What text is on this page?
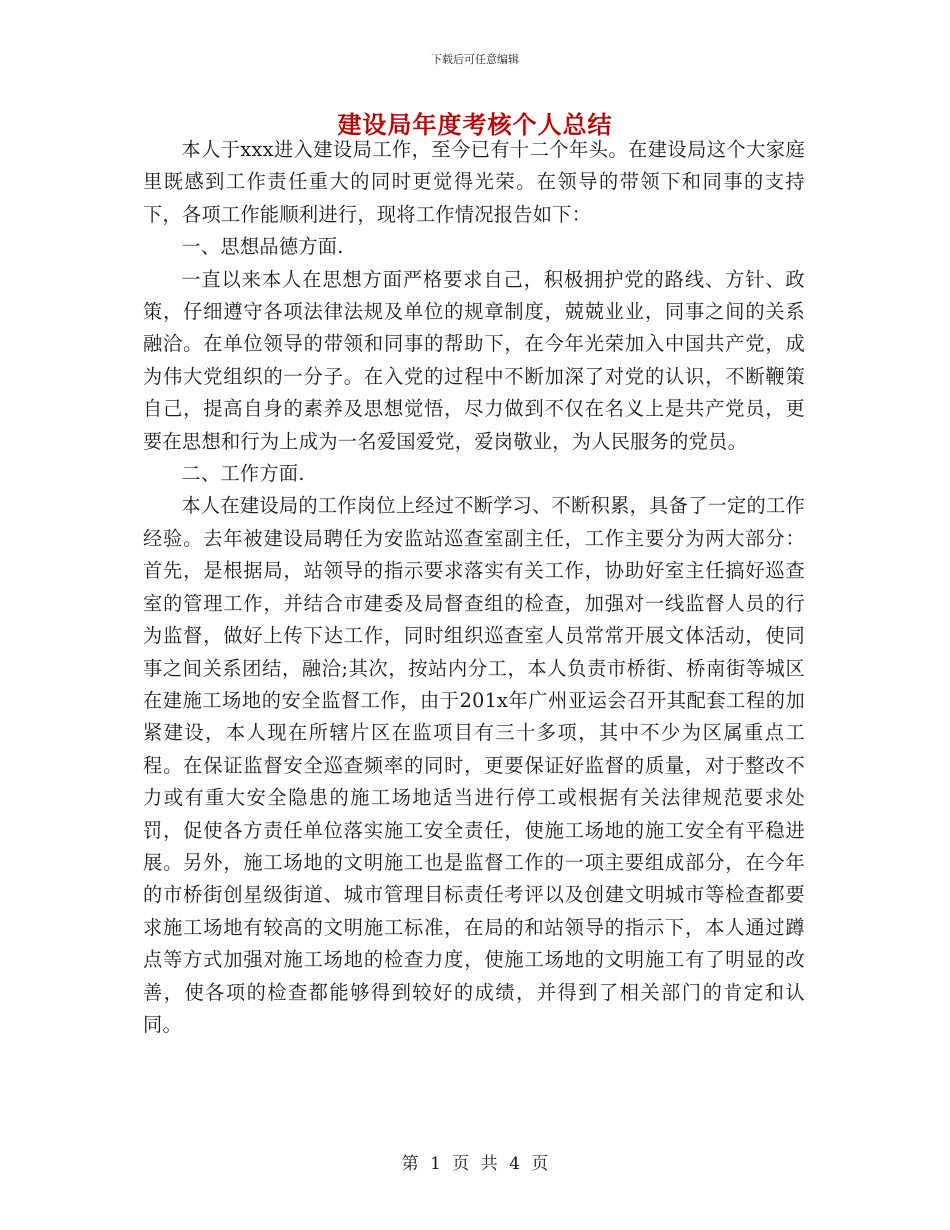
下载后可任意编辑
建设局年度考核个人总结

本人于xxx进入建设局工作，至今已有十二个年头。在建设局这个大家庭里既感到工作责任重大的同时更觉得光荣。在领导的带领下和同事的支持下，各项工作能顺利进行，现将工作情况报告如下：

一、思想品德方面.

一直以来本人在思想方面严格要求自己，积极拥护党的路线、方针、政策，仔细遵守各项法律法规及单位的规章制度，兢兢业业，同事之间的关系融洽。在单位领导的带领和同事的帮助下，在今年光荣加入中国共产党，成为伟大党组织的一分子。在入党的过程中不断加深了对党的认识，不断鞭策自己，提高自身的素养及思想觉悟，尽力做到不仅在名义上是共产党员，更要在思想和行为上成为一名爱国爱党，爱岗敬业，为人民服务的党员。

二、工作方面.

本人在建设局的工作岗位上经过不断学习、不断积累，具备了一定的工作经验。去年被建设局聘任为安监站巡查室副主任，工作主要分为两大部分：首先，是根据局，站领导的指示要求落实有关工作，协助好室主任搞好巡查室的管理工作，并结合市建委及局督查组的检查，加强对一线监督人员的行为监督，做好上传下达工作，同时组织巡查室人员常常开展文体活动，使同事之间关系团结，融洽;其次，按站内分工，本人负责市桥街、桥南街等城区在建施工场地的安全监督工作，由于201x年广州亚运会召开其配套工程的加紧建设，本人现在所辖片区在监项目有三十多项，其中不少为区属重点工程。在保证监督安全巡查频率的同时，更要保证好监督的质量，对于整改不力或有重大安全隐患的施工场地适当进行停工或根据有关法律规范要求处罚，促使各方责任单位落实施工安全责任，使施工场地的施工安全有平稳进展。另外，施工场地的文明施工也是监督工作的一项主要组成部分，在今年的市桥街创星级街道、城市管理目标责任考评以及创建文明城市等检查都要求施工场地有较高的文明施工标准，在局的和站领导的指示下，本人通过蹲点等方式加强对施工场地的检查力度，使施工场地的文明施工有了明显的改善，使各项的检查都能够得到较好的成绩，并得到了相关部门的肯定和认同。

第 1 页 共 4 页
